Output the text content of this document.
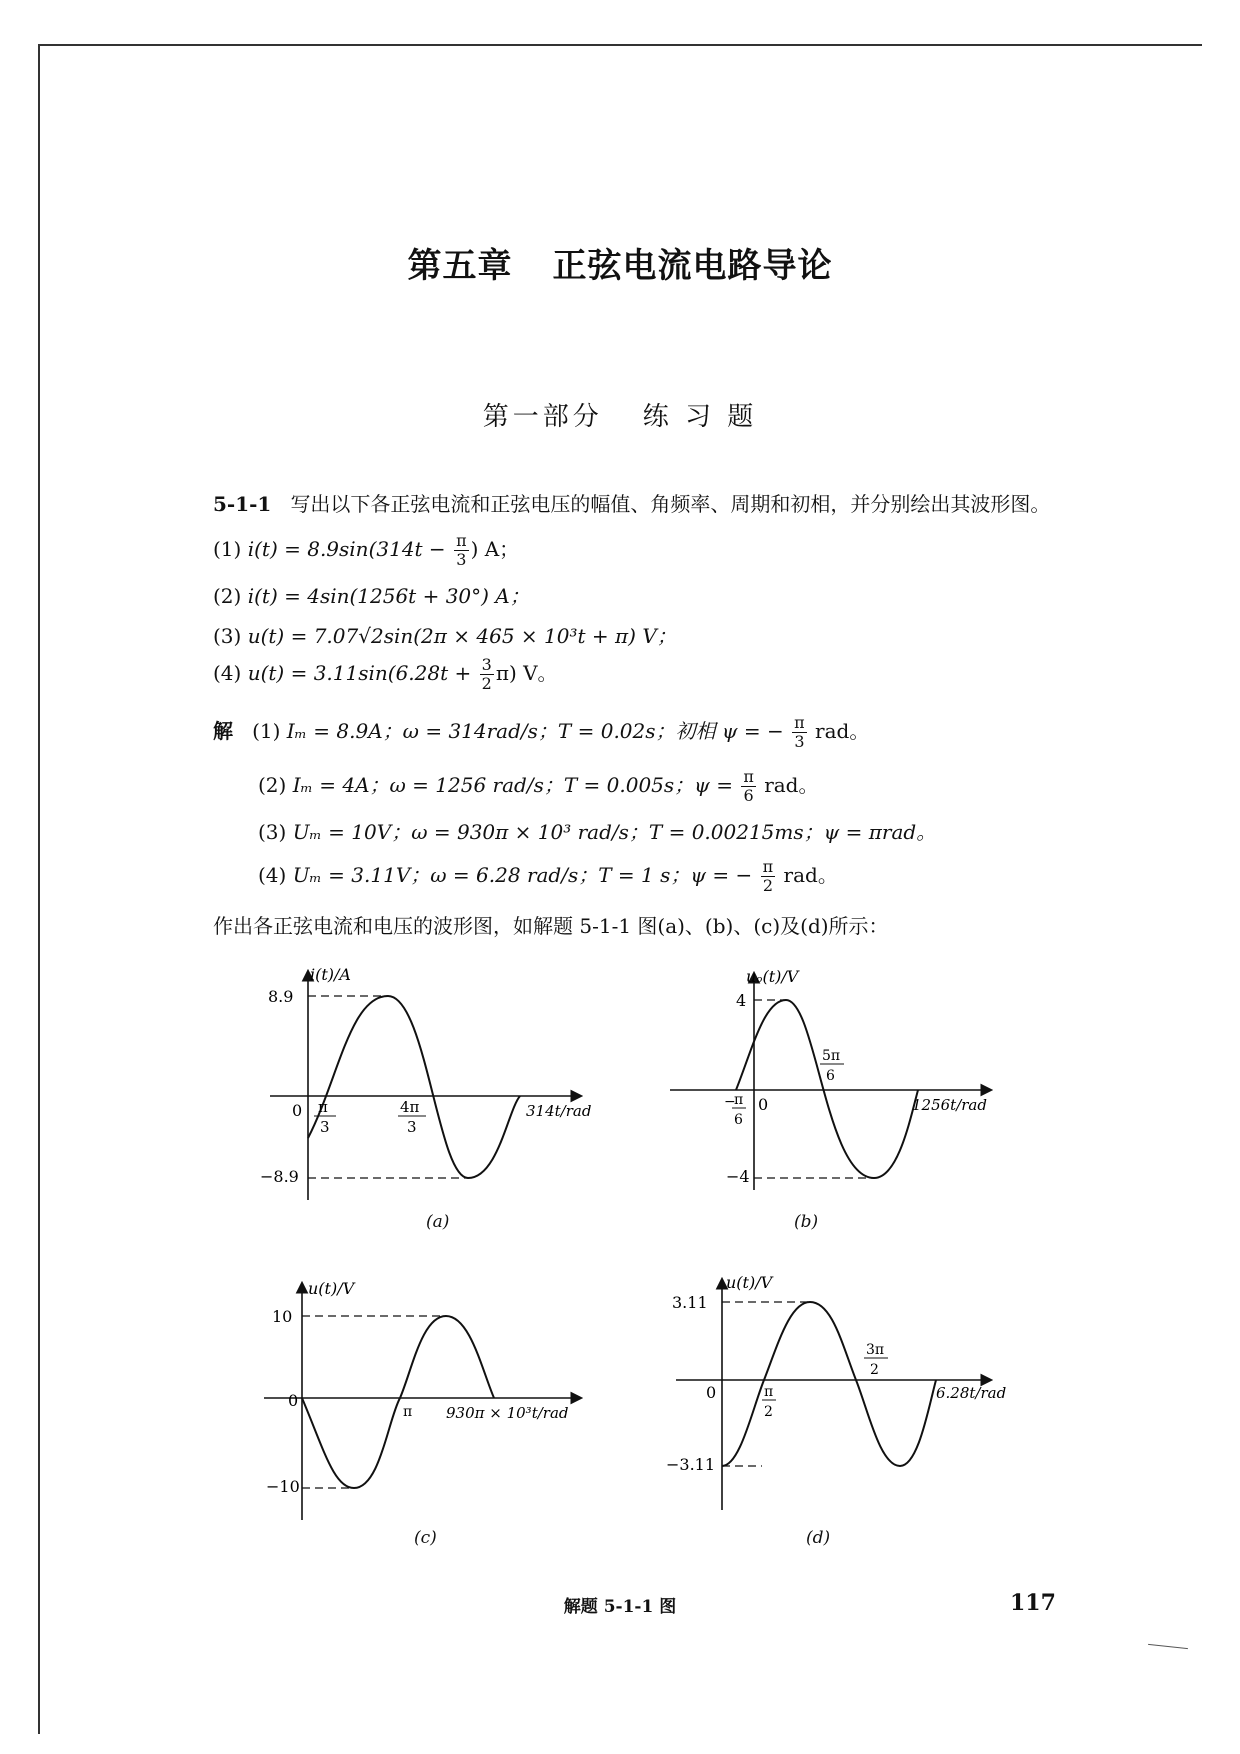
第五章 正弦电流电路导论
第一部分 练 习 题
5-1-1 写出以下各正弦电流和正弦电压的幅值、角频率、周期和初相，并分别绘出其波形图。
(1) $i(t) = 8.9\sin(314t - \frac{\pi}{3}$ ) A；
(2) i(t) = 4sin(1256t + 30°) A；
(3) u(t) = 7.07√2sin(2π × 465 × 10³t + π) V；
(4) $u(t) = 3.11\sin(6.28t + \frac{3}{2} \pi)$ V。
解 (1) Iₘ = 8.9A；ω = 314rad/s；T = 0.02s；初相 ψ = − $\frac{\pi}{3}$ rad。
(2) Iₘ = 4A；ω = 1256 rad/s；T = 0.005s；$\psi = \frac{\pi}{6}$ rad。
(3) Uₘ = 10V；ω = 930π × 10³ rad/s；T = 0.00215ms；ψ = πrad。
(4) Uₘ = 3.11V；ω = 6.28 rad/s；T = 1 s；ψ = − $\frac{\pi}{2}$ rad。
作出各正弦电流和电压的波形图，如解题 5-1-1 图(a)、(b)、(c)及(d)所示：
i(t)/A
8.9
−8.9
0 π
3
4π
3
314t/rad
(a)
uₒ(t)/V
4
−4
0
−
π
6
5π
6
1256t/rad
(b)
u(t)/V
10
−10
0
π 930π × 10³t/rad
(c)
u(t)/V
3.11
−3.11
0	π
2
3π
2
6.28t/rad
(d)
解题 5-1-1 图	117
